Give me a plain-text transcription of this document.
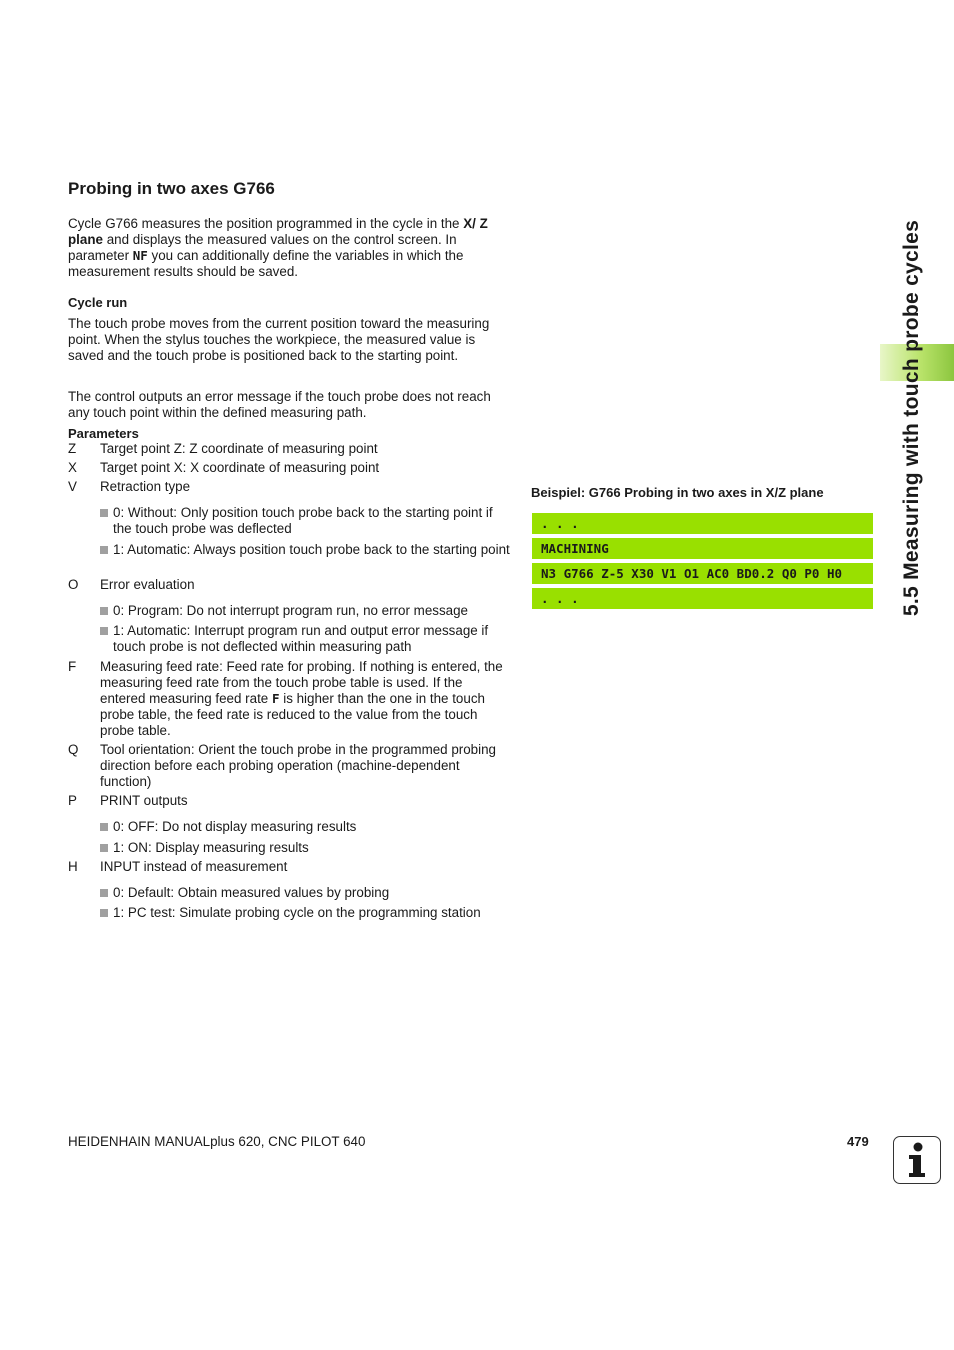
5.5 Measuring with touch probe cycles
Probing in two axes G766
Cycle G766 measures the position programmed in the cycle in the X/ Z plane and displays the measured values on the control screen. In parameter NF you can additionally define the variables in which the measurement results should be saved.
Cycle run
The touch probe moves from the current position toward the measuring point. When the stylus touches the workpiece, the measured value is saved and the touch probe is positioned back to the starting point.
The control outputs an error message if the touch probe does not reach any touch point within the defined measuring path.
Parameters
Z Target point Z: Z coordinate of measuring point
X Target point X: X coordinate of measuring point
V Retraction type
0: Without: Only position touch probe back to the starting point if the touch probe was deflected
1: Automatic: Always position touch probe back to the starting point
O Error evaluation
0: Program: Do not interrupt program run, no error message
1: Automatic: Interrupt program run and output error message if touch probe is not deflected within measuring path
F Measuring feed rate: Feed rate for probing. If nothing is entered, the measuring feed rate from the touch probe table is used. If the entered measuring feed rate F is higher than the one in the touch probe table, the feed rate is reduced to the value from the touch probe table.
Q Tool orientation: Orient the touch probe in the programmed probing direction before each probing operation (machine-dependent function)
P PRINT outputs
0: OFF: Do not display measuring results
1: ON: Display measuring results
H INPUT instead of measurement
0: Default: Obtain measured values by probing
1: PC test: Simulate probing cycle on the programming station
Beispiel: G766 Probing in two axes in X/Z plane
. . .
MACHINING
N3 G766 Z-5 X30 V1 O1 AC0 BD0.2 Q0 P0 H0
. . .
HEIDENHAIN MANUALplus 620, CNC PILOT 640	479
